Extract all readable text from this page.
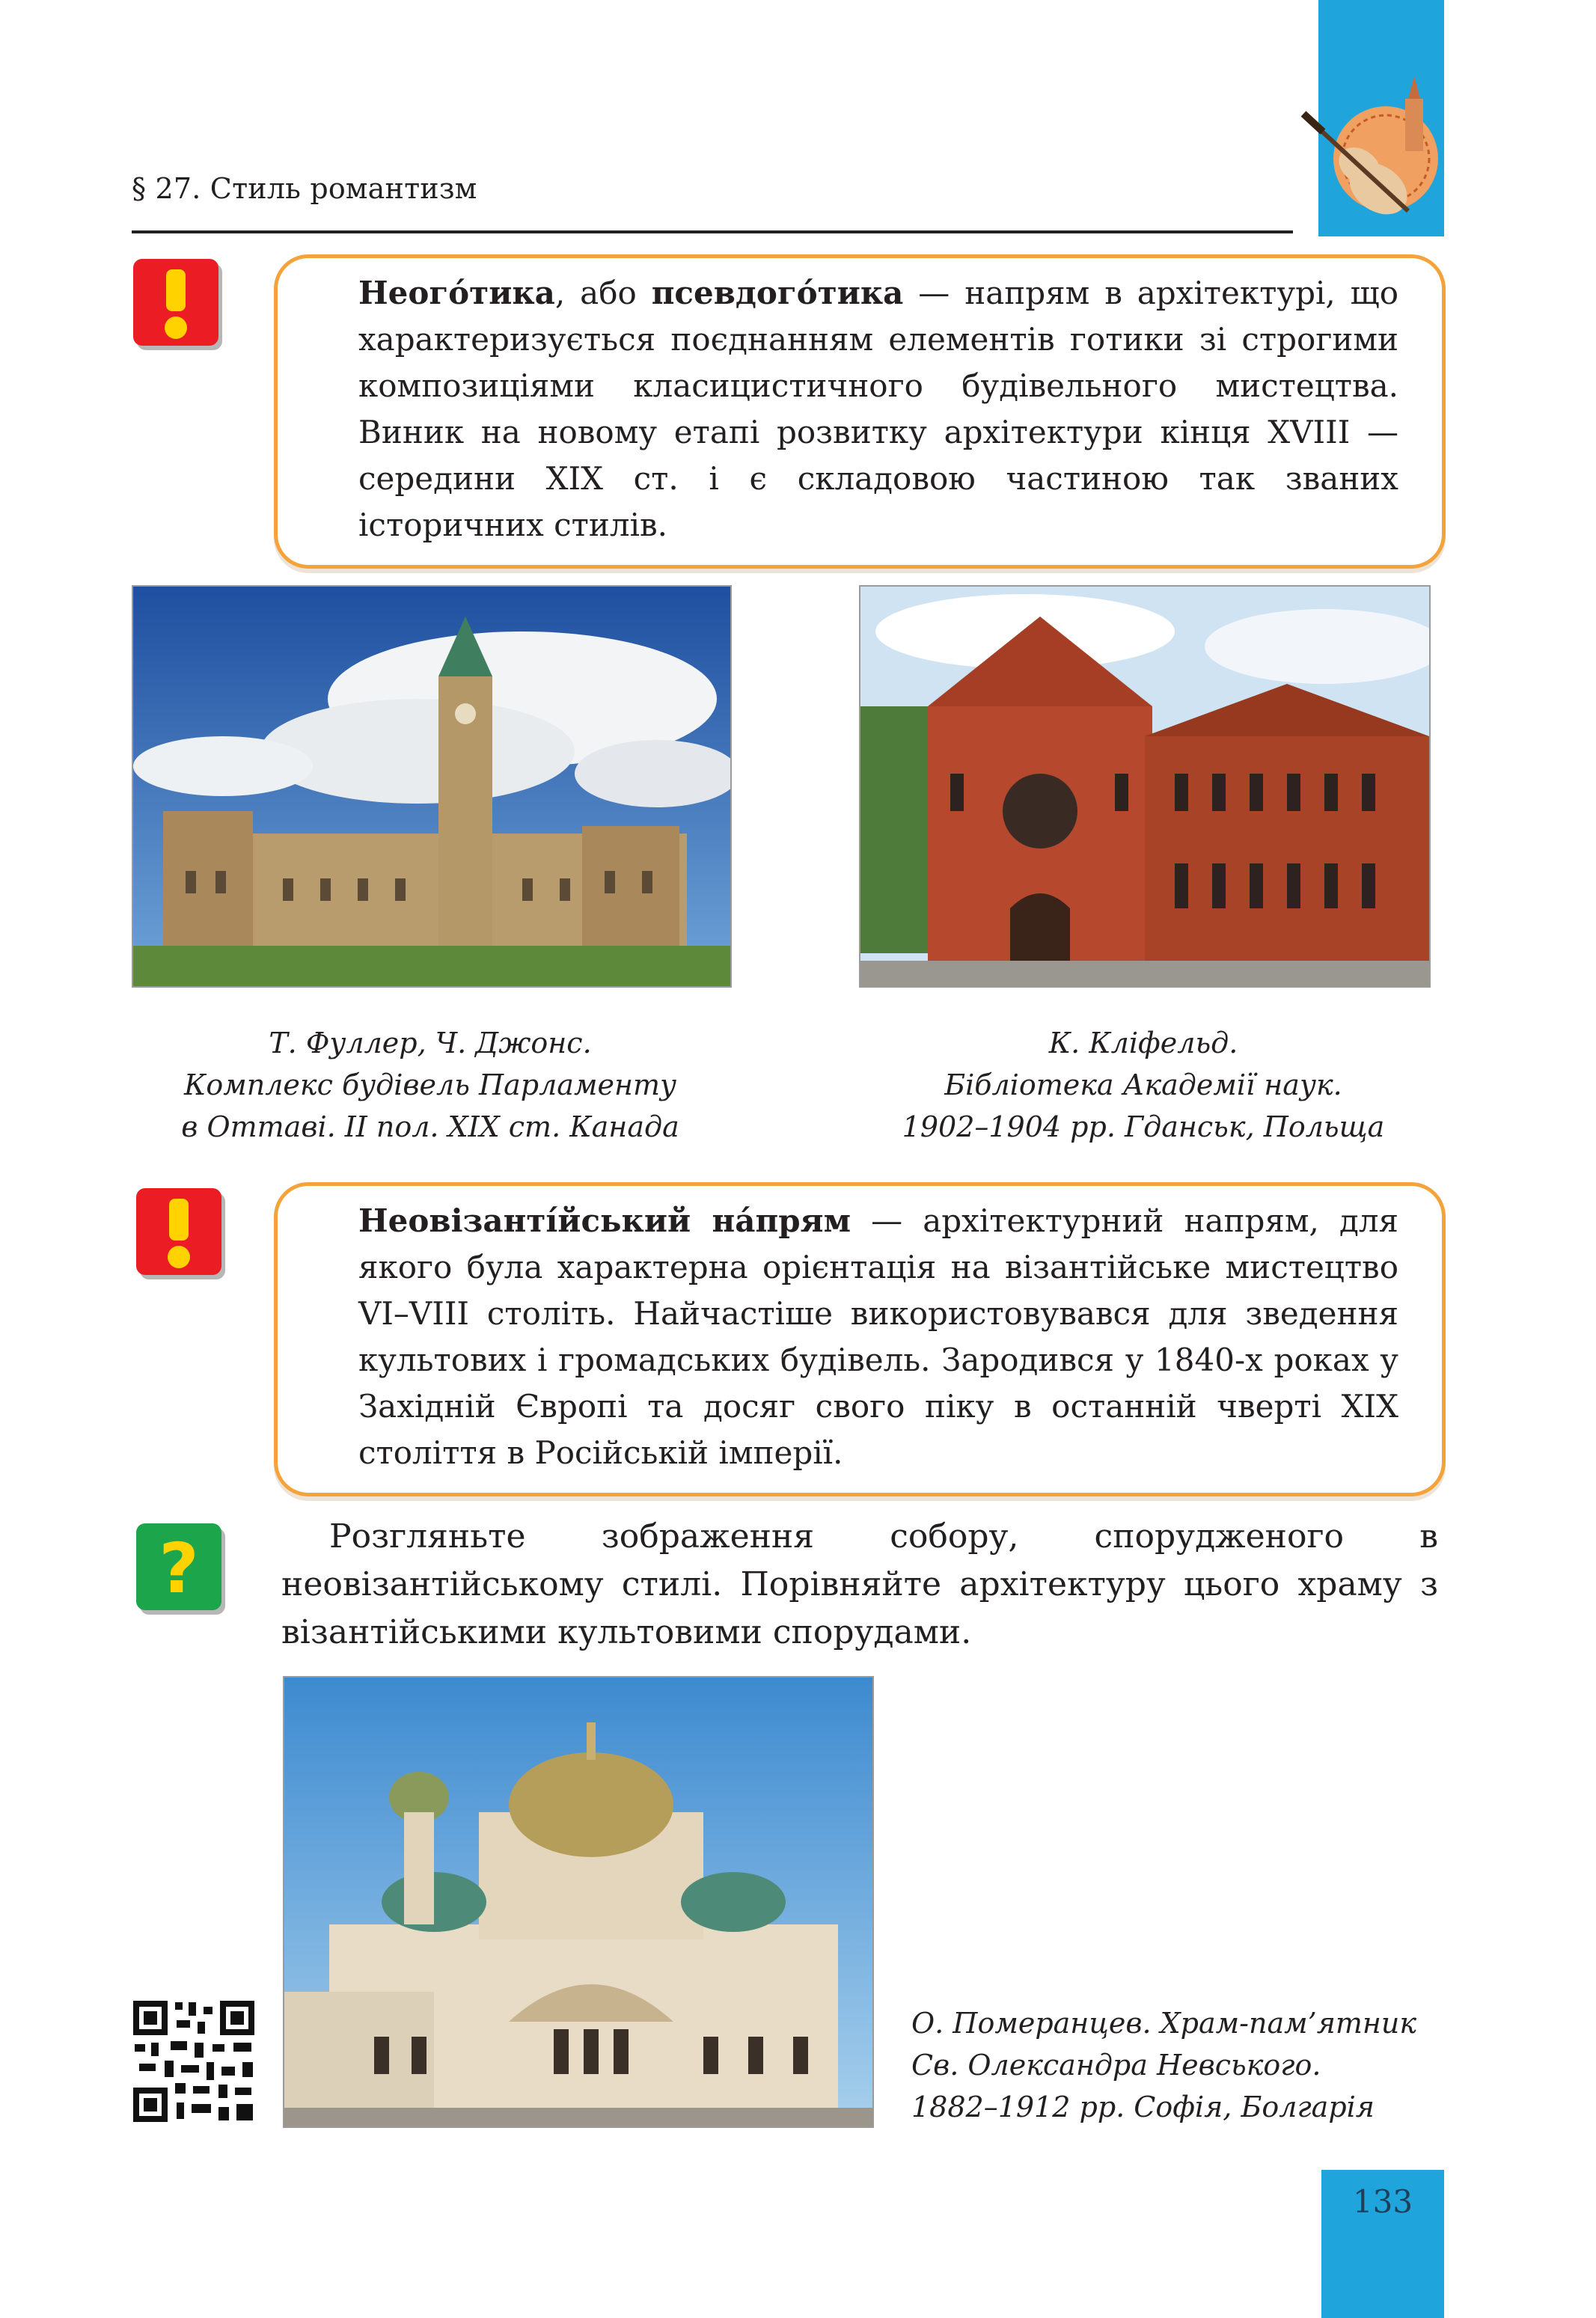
133
§ 27. Стиль романтизм
Неого́тика, або псевдого́тика — напрям в архітектурі, що характеризується поєднанням елементів готики зі строгими композиціями класицистичного будівельного мистецтва. Виник на новому етапі розвитку архітектури кінця XVIII — середини XIX ст. і є складовою частиною так званих історичних стилів.
Т. Фуллер, Ч. Джонс.
Комплекс будівель Парламенту
в Оттаві. II пол. XIX ст. Канада
К. Кліфельд.
Бібліотека Академії наук.
1902–1904 рр. Гданськ, Польща
Неовізанті́йський на́прям — архітектурний напрям, для якого була характерна орієнтація на візантійське мистецтво VI–VIII століть. Найчастіше використовувався для зведення культових і громадських будівель. Зародився у 1840-х роках у Західній Європі та досяг свого піку в останній чверті XIX століття в Російській імперії.
?	Розгляньте зображення собору, спорудженого в неовізантійському стилі. Порівняйте архітектуру цього храму з візантійськими культовими спорудами.
О. Померанцев. Храм-пам’ятник
Св. Олександра Невського.
1882–1912 рр. Софія, Болгарія
